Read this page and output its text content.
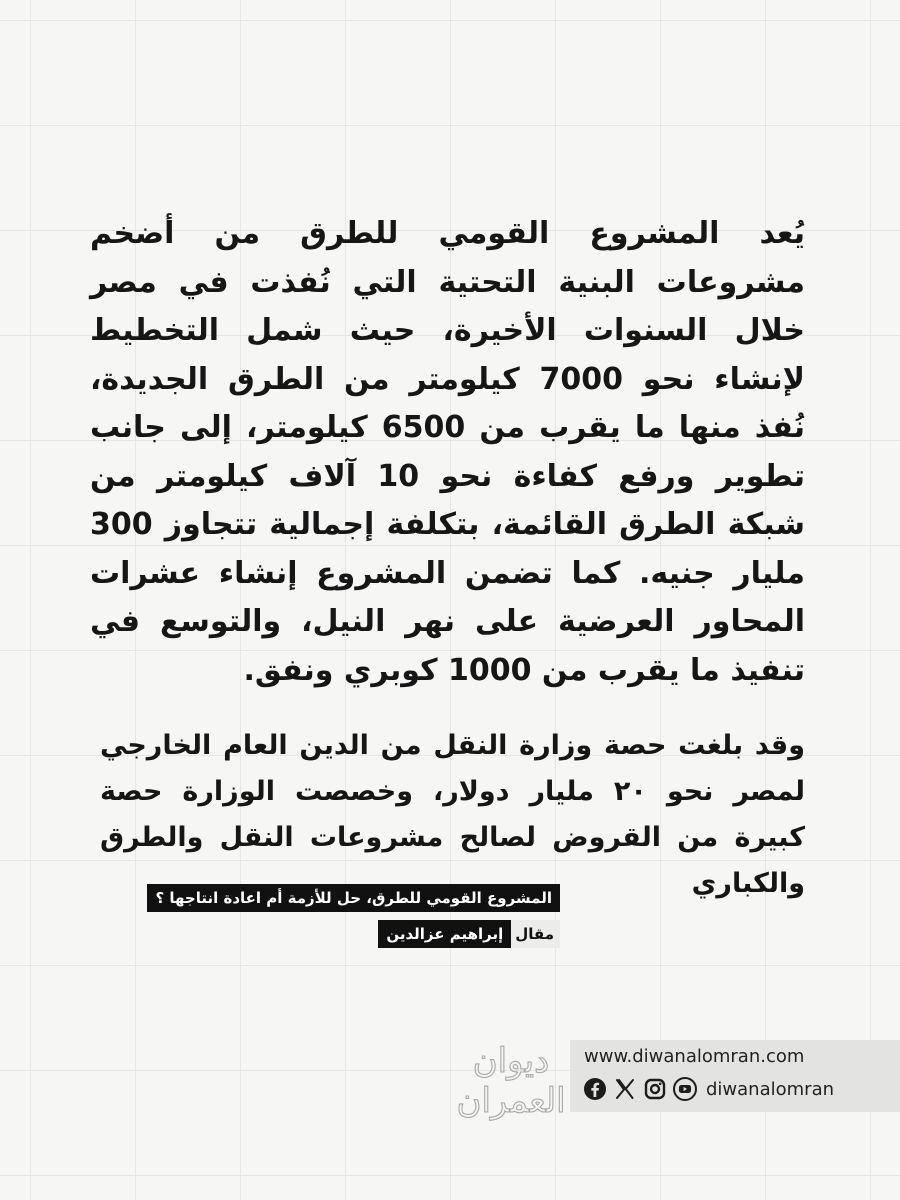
يُعد المشروع القومي للطرق من أضخم مشروعات البنية التحتية التي نُفذت في مصر خلال السنوات الأخيرة، حيث شمل التخطيط لإنشاء نحو 7000 كيلومتر من الطرق الجديدة، نُفذ منها ما يقرب من 6500 كيلومتر، إلى جانب تطوير ورفع كفاءة نحو 10 آلاف كيلومتر من شبكة الطرق القائمة، بتكلفة إجمالية تتجاوز 300 مليار جنيه. كما تضمن المشروع إنشاء عشرات المحاور العرضية على نهر النيل، والتوسع في تنفيذ ما يقرب من 1000 كوبري ونفق.

وقد بلغت حصة وزارة النقل من الدين العام الخارجي لمصر نحو ٢٠ مليار دولار، وخصصت الوزارة حصة كبيرة من القروض لصالح مشروعات النقل والطرق والكباري

المشروع القومي للطرق، حل للأزمة أم اعادة انتاجها ؟
مقال
إبراهيم عزالدين
ديوان
العمران
www.diwanalomran.com
diwanalomran
